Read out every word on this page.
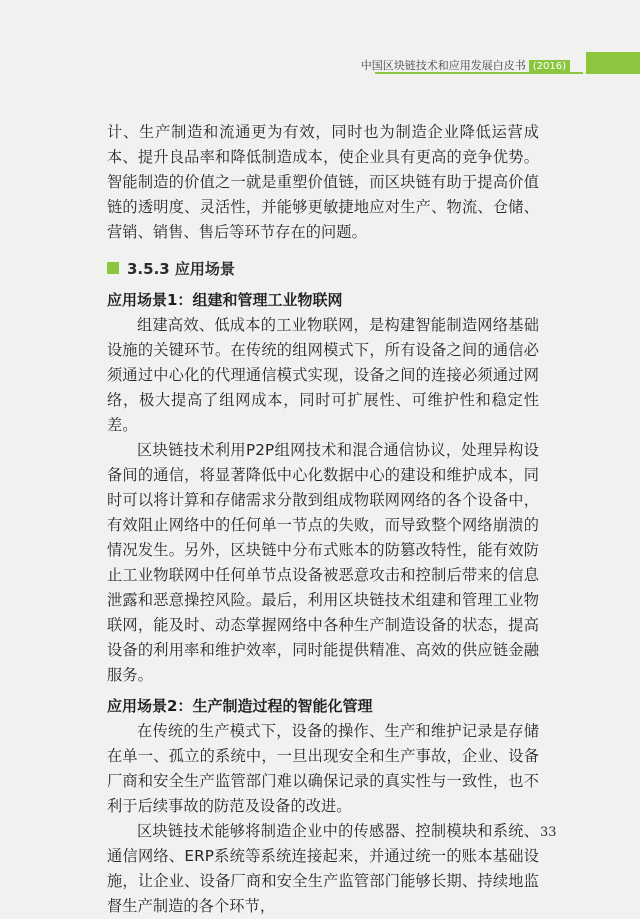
中国区块链技术和应用发展白皮书 (2016)

计、生产制造和流通更为有效，同时也为制造企业降低运营成本、提升良品率和降低制造成本，使企业具有更高的竞争优势。智能制造的价值之一就是重塑价值链，而区块链有助于提高价值链的透明度、灵活性，并能够更敏捷地应对生产、物流、仓储、营销、销售、售后等环节存在的问题。

3.5.3 应用场景
应用场景1：组建和管理工业物联网

组建高效、低成本的工业物联网，是构建智能制造网络基础设施的关键环节。在传统的组网模式下，所有设备之间的通信必须通过中心化的代理通信模式实现，设备之间的连接必须通过网络，极大提高了组网成本，同时可扩展性、可维护性和稳定性差。

区块链技术利用P2P组网技术和混合通信协议，处理异构设备间的通信，将显著降低中心化数据中心的建设和维护成本，同时可以将计算和存储需求分散到组成物联网网络的各个设备中，有效阻止网络中的任何单一节点的失败，而导致整个网络崩溃的情况发生。另外，区块链中分布式账本的防篡改特性，能有效防止工业物联网中任何单节点设备被恶意攻击和控制后带来的信息泄露和恶意操控风险。最后，利用区块链技术组建和管理工业物联网，能及时、动态掌握网络中各种生产制造设备的状态，提高设备的利用率和维护效率，同时能提供精准、高效的供应链金融服务。

应用场景2：生产制造过程的智能化管理

在传统的生产模式下，设备的操作、生产和维护记录是存储在单一、孤立的系统中，一旦出现安全和生产事故，企业、设备厂商和安全生产监管部门难以确保记录的真实性与一致性，也不利于后续事故的防范及设备的改进。

区块链技术能够将制造企业中的传感器、控制模块和系统、通信网络、ERP系统等系统连接起来，并通过统一的账本基础设施，让企业、设备厂商和安全生产监管部门能够长期、持续地监督生产制造的各个环节，

33
